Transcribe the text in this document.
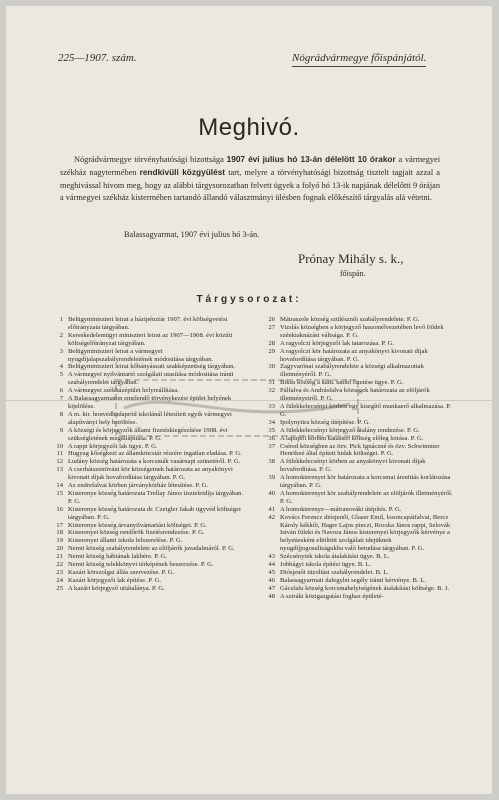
225—1907. szám.	Nógrádvármegye főispánjától.
Meghivó.
Nógrádvármegye törvényhatósági bizottsága 1907 évi julius hó 13-án délelött 10 órakor a vármegyei székház nagytermében rendkivüli közgyülést tart, melyre a törvényhatósági bizottság tisztelt tagjait azzal a meghivással hivom meg, hogy az alábbi tárgysorozatban felvett ügyek a folyó hó 13-ik napjának délelőtti 9 órájan a vármegyei székház kisterméhen tartandó állandó választmányi ülésben fognak előkészítő tárgyalás alá vétetni.
Balassagyarmat, 1907 évi julius hó 3-án.
Prónay Mihály s. k.,
főispán.
Tárgysorozat:
1 Belügyminiszteri leirat a házipénztár 1907. évi költségvetési előirányzata tárgyában.
2 Kereskedelemügyi miniszteri leirat az 1907—1908. évi közúti költségelőirányzat tárgyában.
3 Belügyminiszteri leirat a vármegyei nyugdíjalapszabályrendeletének módositása tárgyában.
4 Belügyminiszteri leirat kőbányászati szakképzettség tárgyában.
5 A vármegyei nyilvántartó szolgálati utasítása módositása iránti szabályrendelet tárgyában.
6 A vármegyei székházépület helyreállítása.
7 A Balassagyarmaton emelendő törvénykezési épület helyének kijelölése.
8 A m. kir. honvédhadapród iskolánál létesített egyik vármegyei alapítványi hely betöltése.
9 A községi és körjegyzők állami fizetéskiegészítése 1908. évi szükségletének megállapítása. P. G.
10 A rappi körjegyzői lak ügye. P. G.
11 Hugyag kőségkezi az államkincstár részére ingatlan eladása. P. G.
12 Ludány község határozata a korcsmák vasárnapi szünetéről. P. G.
13 A cserhátszentiváni kör községeinek határozata az anyakönyvi kivonati díjak hovafordítása tárgyában. P. G.
14 Az endrefalvai körben járványkórház létesítése. P. G.
15 Kisterenye község határozata Trellay János tiszteletdíja tárgyában. P. G.
16 Kisterenye község határozata dr. Czeigler Jakab ügyvéd költségei tárgyában. P. G.
17 Kisterenye község árvanyilvántartási költségei. P. G.
18 Kisterenyei község rendőrök fizetésrendezése. P. G.
19 Kisterenyei állami iskola felszerelése. P. G.
20 Nemti község szabályrendelete az elöljárók javadalmáról. P. G.
21 Nemti község hábiának lakbére. P. G.
22 Nemti község telekkönyvi térképének beszerzése. P. G.
23 Kazári körszolgai állás szervezése. P. G.
24 Kazári körjegyzői lak építése. P. G.
25 A kazári körjegyző utiátalánya. P. G.
26 Mátraszele község szülésznői szabályrendelete. P. G.
27 Vizslás községben a körjegyző haszonélvezetében levő földek szénkiaknázási váltsága. P. G.
28 A ragyolczi körjegyzői lak tatarozása. P. G.
29 A ragyolczi kör határozata az anyakönyvi kivonati díjak hovafordítása tárgyában. P. G.
30 Zagyvarónai szabályrendelete a községi alkalmazottak illetményéről. P. G.
31 Bikus község a kath. tanító fizetése ügye. P. G.
32 Pálfalva és Andrásfalva községek határozata az elöljárók illetményeiről. P. G.
33 A fülekkelecsényi körben egy kisegítő munkaerő alkalmazása. P. G.
34 Ipolynyitra község útépítése. P. G.
35 A fülekkelecsényi körjegyző átalány rendezése. P. G.
36 A lapujtői körben katasteri költség előleg leirása. P. G.
37 Cséred községben az özv. Pick Ignáczné és özv. Schwimmer Henrikné által épített hidak költségei. P. G.
38 A fülekkelecsényi körben az anyakönyvi kivonati díjak hovafordítása. P. G.
39 A homokterenyei kör határozata a korcsmai ársnittás korlátozása tárgyában. P. G.
40 A homokterenyei kör szabályrendelete az elöljárók illetményéről. P. G.
41 A homokterenye—mátranováki útépítés. P. G.
42 Kovács Ferencz diósjenői, Glaser Emil, losoncapátfalvai, Bercz Károly kékkői, Hager Lajos pinczi, Rocska János rappi, Selovák István füleki és Navora János kisterenyei körjegyzők kérvénye a helyettesként eltöltött szolgálati idejüknek nyugdíjjogosultságukba való betudása tárgyában. P. G.
43 Szécsényiek iskola átalakítási ügye. B. L.
44 Jobbágyi iskola építési ügye. B. L.
45 Diósjenői tüzoltási szabályrendelet. B. L.
46 Balassagyarmati dalegylet segély iránti kérvénye. B. L.
47 Gácsfalu község korcsmahelyiségének átalakítási költsége. B. J.
48 A sziráki közigazgatási foghaz épületé-
